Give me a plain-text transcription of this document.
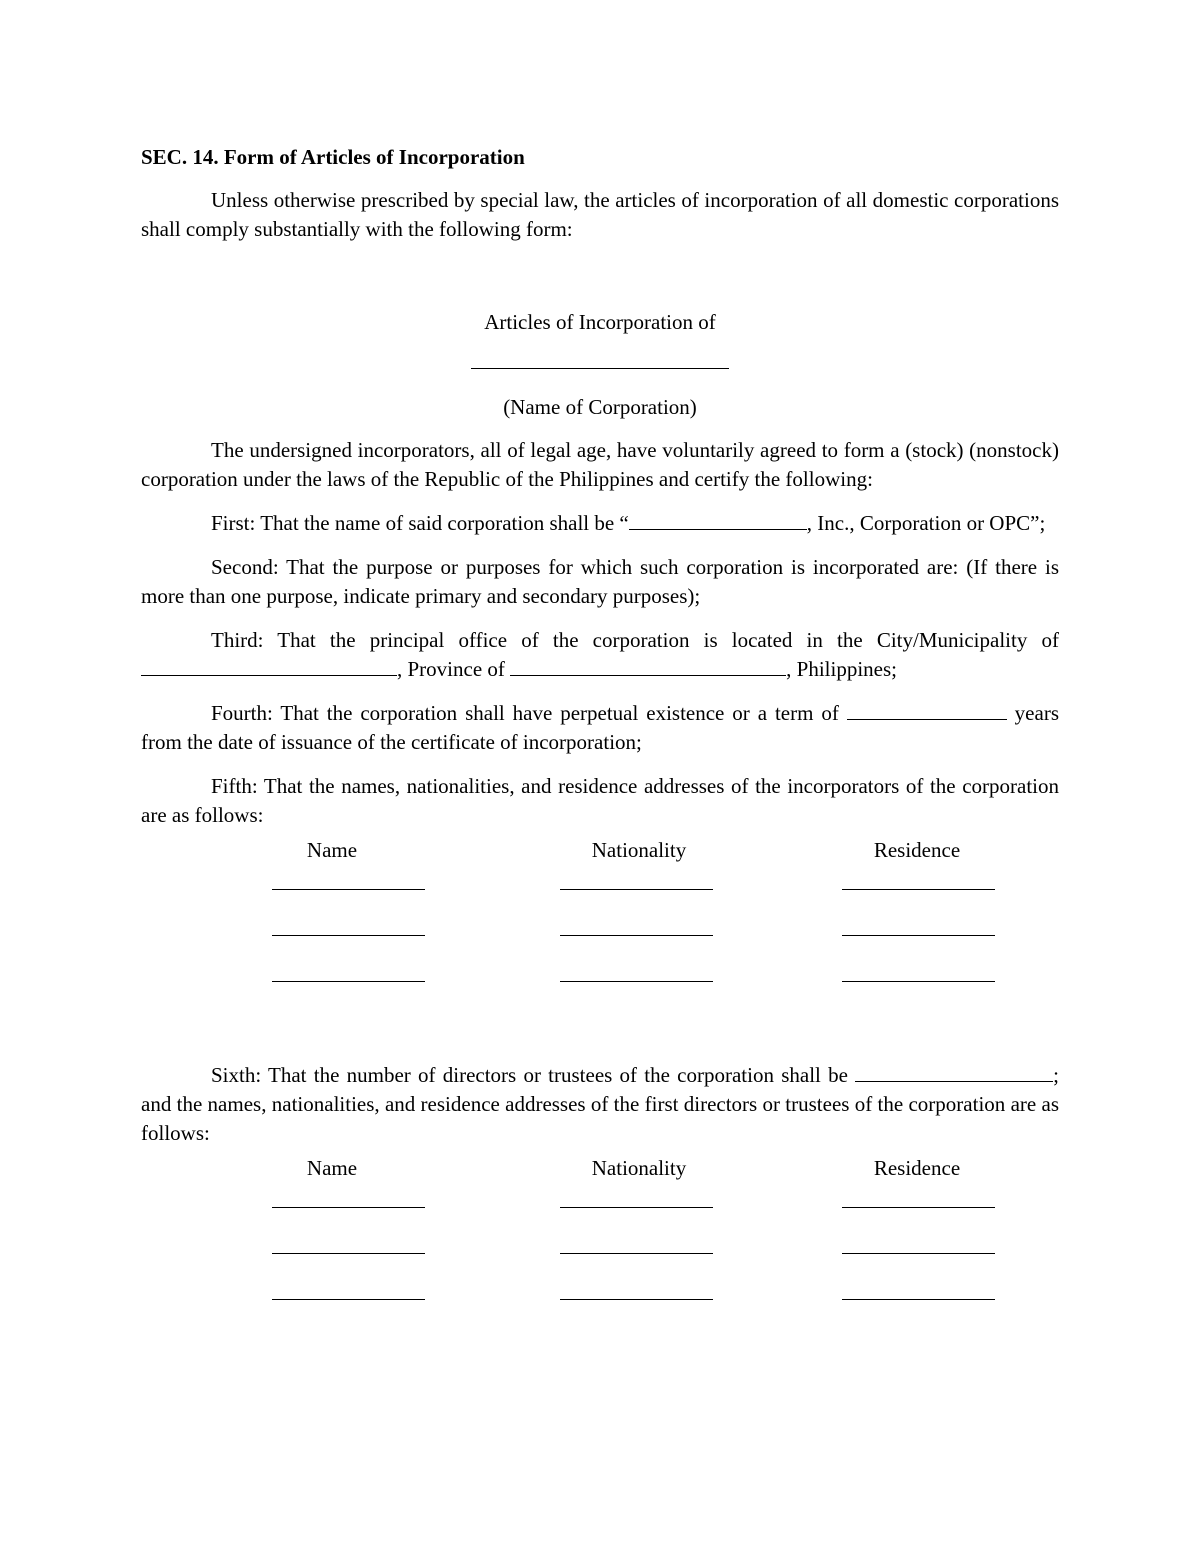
SEC. 14. Form of Articles of Incorporation

Unless otherwise prescribed by special law, the articles of incorporation of all domestic corporations shall comply substantially with the following form:

Articles of Incorporation of

(Name of Corporation)

The undersigned incorporators, all of legal age, have voluntarily agreed to form a (stock) (nonstock) corporation under the laws of the Republic of the Philippines and certify the following:

First: That the name of said corporation shall be “	, Inc., Corporation or OPC”;

Second: That the purpose or purposes for which such corporation is incorporated are: (If there is more than one purpose, indicate primary and secondary purposes);

Third: That the principal office of the corporation is located in the City/Municipality of , Province of	, Philippines;

Fourth: That the corporation shall have perpetual existence or a term of	years from the date of issuance of the certificate of incorporation;

Fifth: That the names, nationalities, and residence addresses of the incorporators of the corporation are as follows:

Name	Nationality	Residence

Sixth: That the number of directors or trustees of the corporation shall be	; and the names, nationalities, and residence addresses of the first directors or trustees of the corporation are as follows:

Name	Nationality	Residence
